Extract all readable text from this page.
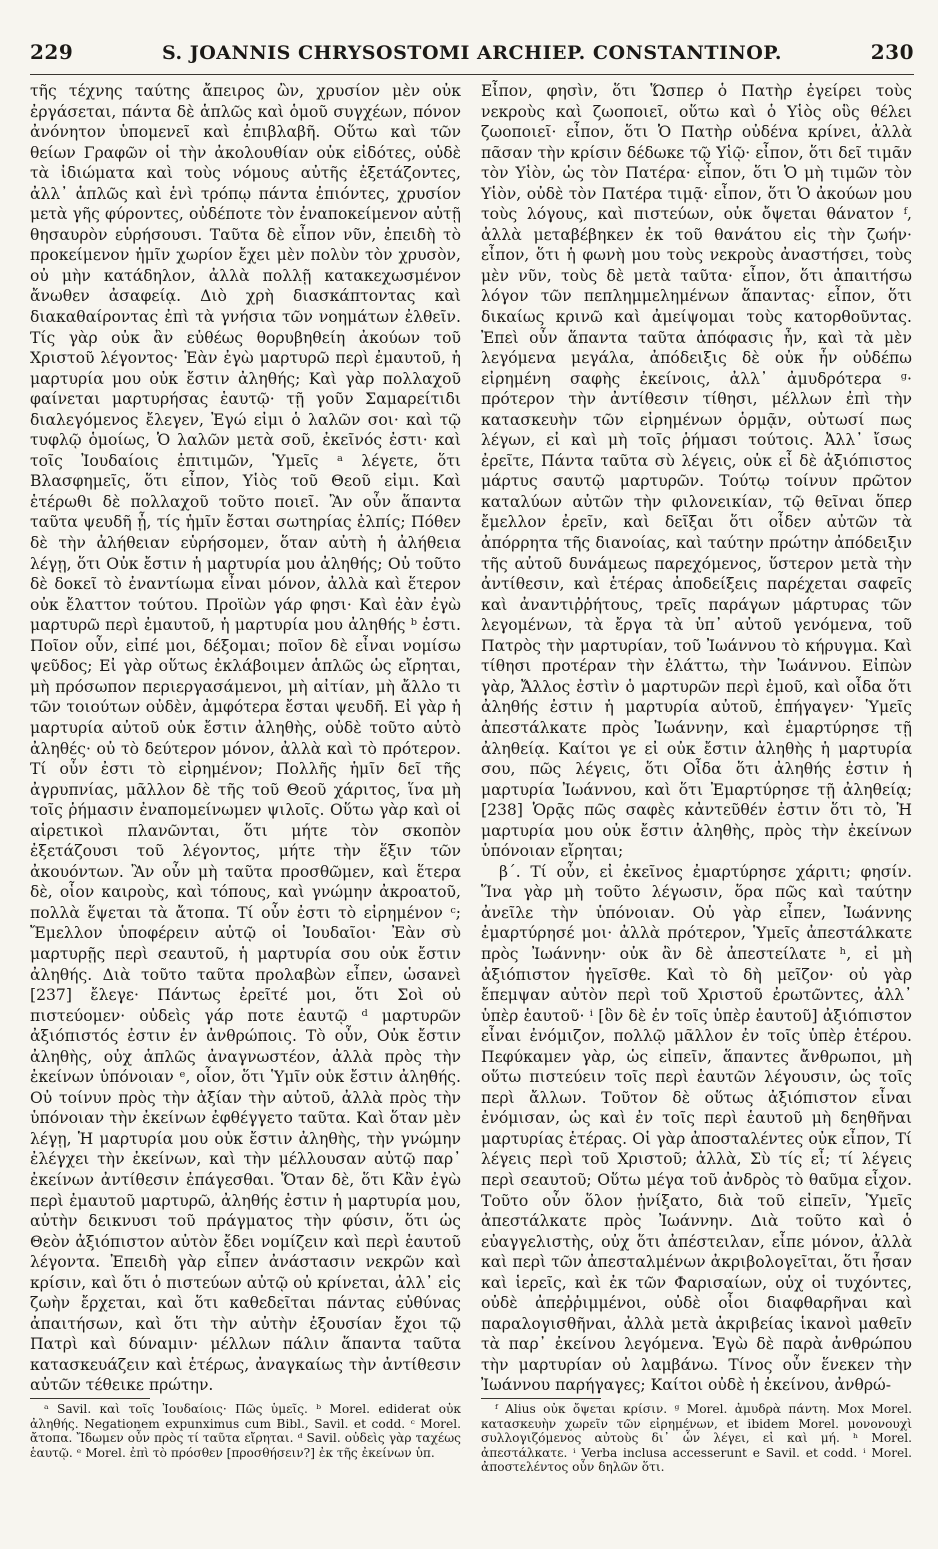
229	S. JOANNIS CHRYSOSTOMI ARCHIEP. CONSTANTINOP.	230

τῆς τέχνης ταύτης ἄπειρος ὢν, χρυσίον μὲν οὐκ ἐργάσεται, πάντα δὲ ἁπλῶς καὶ ὁμοῦ συγχέων, πόνον ἀνόνητον ὑπομενεῖ καὶ ἐπιβλαβῆ. Οὕτω καὶ τῶν θείων Γραφῶν οἱ τὴν ἀκολουθίαν οὐκ εἰδότες, οὐδὲ τὰ ἰδιώματα καὶ τοὺς νόμους αὐτῆς ἐξετάζοντες, ἀλλ᾽ ἁπλῶς καὶ ἑνὶ τρόπῳ πάντα ἐπιόντες, χρυσίον μετὰ γῆς φύροντες, οὐδέποτε τὸν ἐναποκείμενον αὐτῇ θησαυρὸν εὑρήσουσι. Ταῦτα δὲ εἶπον νῦν, ἐπειδὴ τὸ προκείμενον ἡμῖν χωρίον ἔχει μὲν πολὺν τὸν χρυσὸν, οὐ μὴν κατάδηλον, ἀλλὰ πολλῇ κατακεχωσμένον ἄνωθεν ἀσαφείᾳ. Διὸ χρὴ διασκάπτοντας καὶ διακαθαίροντας ἐπὶ τὰ γνήσια τῶν νοημάτων ἐλθεῖν. Τίς γὰρ οὐκ ἂν εὐθέως θορυβηθείη ἀκούων τοῦ Χριστοῦ λέγοντος· Ἐὰν ἐγὼ μαρτυρῶ περὶ ἐμαυτοῦ, ἡ μαρτυρία μου οὐκ ἔστιν ἀληθής; Καὶ γὰρ πολλαχοῦ φαίνεται μαρτυρήσας ἑαυτῷ· τῇ γοῦν Σαμαρείτιδι διαλεγόμενος ἔλεγεν, Ἐγώ εἰμι ὁ λαλῶν σοι· καὶ τῷ τυφλῷ ὁμοίως, Ὁ λαλῶν μετὰ σοῦ, ἐκεῖνός ἐστι· καὶ τοῖς Ἰουδαίοις ἐπιτιμῶν, Ὑμεῖς ᵃ λέγετε, ὅτι Βλασφημεῖς, ὅτι εἶπον, Υἱὸς τοῦ Θεοῦ εἰμι. Καὶ ἑτέρωθι δὲ πολλαχοῦ τοῦτο ποιεῖ. Ἂν οὖν ἅπαντα ταῦτα ψευδῆ ᾖ, τίς ἡμῖν ἔσται σωτηρίας ἐλπίς; Πόθεν δὲ τὴν ἀλήθειαν εὑρήσομεν, ὅταν αὐτὴ ἡ ἀλήθεια λέγῃ, ὅτι Οὐκ ἔστιν ἡ μαρτυρία μου ἀληθής; Οὐ τοῦτο δὲ δοκεῖ τὸ ἐναντίωμα εἶναι μόνον, ἀλλὰ καὶ ἕτερον οὐκ ἔλαττον τούτου. Προϊὼν γάρ φησι· Καὶ ἐὰν ἐγὼ μαρτυρῶ περὶ ἐμαυτοῦ, ἡ μαρτυρία μου ἀληθής ᵇ ἐστι. Ποῖον οὖν, εἰπέ μοι, δέξομαι; ποῖον δὲ εἶναι νομίσω ψεῦδος; Εἰ γὰρ οὕτως ἐκλάβοιμεν ἁπλῶς ὡς εἴρηται, μὴ πρόσωπον περιεργασάμενοι, μὴ αἰτίαν, μὴ ἄλλο τι τῶν τοιούτων οὐδὲν, ἀμφότερα ἔσται ψευδῆ. Εἰ γὰρ ἡ μαρτυρία αὐτοῦ οὐκ ἔστιν ἀληθὴς, οὐδὲ τοῦτο αὐτὸ ἀληθές· οὐ τὸ δεύτερον μόνον, ἀλλὰ καὶ τὸ πρότερον. Τί οὖν ἐστι τὸ εἰρημένον; Πολλῆς ἡμῖν δεῖ τῆς ἀγρυπνίας, μᾶλλον δὲ τῆς τοῦ Θεοῦ χάριτος, ἵνα μὴ τοῖς ῥήμασιν ἐναπομείνωμεν ψιλοῖς. Οὕτω γὰρ καὶ οἱ αἱρετικοὶ πλανῶνται, ὅτι μήτε τὸν σκοπὸν ἐξετάζουσι τοῦ λέγοντος, μήτε τὴν ἕξιν τῶν ἀκουόντων. Ἂν οὖν μὴ ταῦτα προσθῶμεν, καὶ ἕτερα δὲ, οἷον καιροὺς, καὶ τόπους, καὶ γνώμην ἀκροατοῦ, πολλὰ ἕψεται τὰ ἄτοπα. Τί οὖν ἐστι τὸ εἰρημένον ᶜ; Ἔμελλον ὑποφέρειν αὐτῷ οἱ Ἰουδαῖοι· Ἐὰν σὺ μαρτυρῇς περὶ σεαυτοῦ, ἡ μαρτυρία σου οὐκ ἔστιν ἀληθής. Διὰ τοῦτο ταῦτα προλαβὼν εἶπεν, ὡσανεὶ [237] ἔλεγε· Πάντως ἐρεῖτέ μοι, ὅτι Σοὶ οὐ πιστεύομεν· οὐδεὶς γάρ ποτε ἑαυτῷ ᵈ μαρτυρῶν ἀξιόπιστός ἐστιν ἐν ἀνθρώποις. Τὸ οὖν, Οὐκ ἔστιν ἀληθὴς, οὐχ ἁπλῶς ἀναγνωστέον, ἀλλὰ πρὸς τὴν ἐκείνων ὑπόνοιαν ᵉ, οἷον, ὅτι Ὑμῖν οὐκ ἔστιν ἀληθής. Οὐ τοίνυν πρὸς τὴν ἀξίαν τὴν αὐτοῦ, ἀλλὰ πρὸς τὴν ὑπόνοιαν τὴν ἐκείνων ἐφθέγγετο ταῦτα. Καὶ ὅταν μὲν λέγῃ, Ἡ μαρτυρία μου οὐκ ἔστιν ἀληθὴς, τὴν γνώμην ἐλέγχει τὴν ἐκείνων, καὶ τὴν μέλλουσαν αὐτῷ παρ᾽ ἐκείνων ἀντίθεσιν ἐπάγεσθαι. Ὅταν δὲ, ὅτι Κἂν ἐγὼ περὶ ἐμαυτοῦ μαρτυρῶ, ἀληθής ἐστιν ἡ μαρτυρία μου, αὐτὴν δεικνυσι τοῦ πράγματος τὴν φύσιν, ὅτι ὡς Θεὸν ἀξιόπιστον αὐτὸν ἔδει νομίζειν καὶ περὶ ἑαυτοῦ λέγοντα. Ἐπειδὴ γὰρ εἶπεν ἀνάστασιν νεκρῶν καὶ κρίσιν, καὶ ὅτι ὁ πιστεύων αὐτῷ οὐ κρίνεται, ἀλλ᾽ εἰς ζωὴν ἔρχεται, καὶ ὅτι καθεδεῖται πάντας εὐθύνας ἀπαιτήσων, καὶ ὅτι τὴν αὐτὴν ἐξουσίαν ἔχοι τῷ Πατρὶ καὶ δύναμιν· μέλλων πάλιν ἅπαντα ταῦτα κατασκευάζειν καὶ ἑτέρως, ἀναγκαίως τὴν ἀντίθεσιν αὐτῶν τέθεικε πρώτην.

ᵃ Savil. καὶ τοῖς Ἰουδαίοις· Πῶς ὑμεῖς. ᵇ Morel. ediderat οὐκ ἀληθής. Negationem expunximus cum Bibl., Savil. et codd. ᶜ Morel. ἄτοπα. Ἴδωμεν οὖν πρὸς τί ταῦτα εἴρηται. ᵈ Savil. οὐδεὶς γὰρ ταχέως ἑαυτῷ. ᵉ Morel. ἐπὶ τὸ πρόσθεν [προσθήσειν?] ἐκ τῆς ἐκείνων ὑπ.

Εἶπον, φησὶν, ὅτι Ὥσπερ ὁ Πατὴρ ἐγείρει τοὺς νεκροὺς καὶ ζωοποιεῖ, οὕτω καὶ ὁ Υἱὸς οὓς θέλει ζωοποιεῖ· εἶπον, ὅτι Ὁ Πατὴρ οὐδένα κρίνει, ἀλλὰ πᾶσαν τὴν κρίσιν δέδωκε τῷ Υἱῷ· εἶπον, ὅτι δεῖ τιμᾶν τὸν Υἱὸν, ὡς τὸν Πατέρα· εἶπον, ὅτι Ὁ μὴ τιμῶν τὸν Υἱὸν, οὐδὲ τὸν Πατέρα τιμᾷ· εἶπον, ὅτι Ὁ ἀκούων μου τοὺς λόγους, καὶ πιστεύων, οὐκ ὄψεται θάνατον ᶠ, ἀλλὰ μεταβέβηκεν ἐκ τοῦ θανάτου εἰς τὴν ζωήν· εἶπον, ὅτι ἡ φωνὴ μου τοὺς νεκροὺς ἀναστήσει, τοὺς μὲν νῦν, τοὺς δὲ μετὰ ταῦτα· εἶπον, ὅτι ἀπαιτήσω λόγον τῶν πεπλημμελημένων ἅπαντας· εἶπον, ὅτι δικαίως κρινῶ καὶ ἀμείψομαι τοὺς κατορθοῦντας. Ἐπεὶ οὖν ἅπαντα ταῦτα ἀπόφασις ἦν, καὶ τὰ μὲν λεγόμενα μεγάλα, ἀπόδειξις δὲ οὐκ ἦν οὐδέπω εἰρημένη σαφὴς ἐκείνοις, ἀλλ᾽ ἀμυδρότερα ᵍ· πρότερον τὴν ἀντίθεσιν τίθησι, μέλλων ἐπὶ τὴν κατασκευὴν τῶν εἰρημένων ὁρμᾷν, οὑτωσί πως λέγων, εἰ καὶ μὴ τοῖς ῥήμασι τούτοις. Ἀλλ᾽ ἴσως ἐρεῖτε, Πάντα ταῦτα σὺ λέγεις, οὐκ εἶ δὲ ἀξιόπιστος μάρτυς σαυτῷ μαρτυρῶν. Τούτῳ τοίνυν πρῶτον καταλύων αὐτῶν τὴν φιλονεικίαν, τῷ θεῖναι ὅπερ ἔμελλον ἐρεῖν, καὶ δεῖξαι ὅτι οἶδεν αὐτῶν τὰ ἀπόρρητα τῆς διανοίας, καὶ ταύτην πρώτην ἀπόδειξιν τῆς αὐτοῦ δυνάμεως παρεχόμενος, ὕστερον μετὰ τὴν ἀντίθεσιν, καὶ ἑτέρας ἀποδείξεις παρέχεται σαφεῖς καὶ ἀναντιῤῥήτους, τρεῖς παράγων μάρτυρας τῶν λεγομένων, τὰ ἔργα τὰ ὑπ᾽ αὐτοῦ γενόμενα, τοῦ Πατρὸς τὴν μαρτυρίαν, τοῦ Ἰωάννου τὸ κήρυγμα. Καὶ τίθησι προτέραν τὴν ἐλάττω, τὴν Ἰωάννου. Εἰπὼν γὰρ, Ἄλλος ἐστὶν ὁ μαρτυρῶν περὶ ἐμοῦ, καὶ οἶδα ὅτι ἀληθής ἐστιν ἡ μαρτυρία αὐτοῦ, ἐπήγαγεν· Ὑμεῖς ἀπεστάλκατε πρὸς Ἰωάννην, καὶ ἐμαρτύρησε τῇ ἀληθείᾳ. Καίτοι γε εἰ οὐκ ἔστιν ἀληθὴς ἡ μαρτυρία σου, πῶς λέγεις, ὅτι Οἶδα ὅτι ἀληθής ἐστιν ἡ μαρτυρία Ἰωάννου, καὶ ὅτι Ἐμαρτύρησε τῇ ἀληθείᾳ; [238] Ὁρᾷς πῶς σαφὲς κἀντεῦθέν ἐστιν ὅτι τὸ, Ἡ μαρτυρία μου οὐκ ἔστιν ἀληθὴς, πρὸς τὴν ἐκείνων ὑπόνοιαν εἴρηται;

β΄. Τί οὖν, εἰ ἐκεῖνος ἐμαρτύρησε χάριτι; φησίν. Ἵνα γὰρ μὴ τοῦτο λέγωσιν, ὅρα πῶς καὶ ταύτην ἀνεῖλε τὴν ὑπόνοιαν. Οὐ γὰρ εἶπεν, Ἰωάννης ἐμαρτύρησέ μοι· ἀλλὰ πρότερον, Ὑμεῖς ἀπεστάλκατε πρὸς Ἰωάννην· οὐκ ἂν δὲ ἀπεστείλατε ʰ, εἰ μὴ ἀξιόπιστον ἡγεῖσθε. Καὶ τὸ δὴ μεῖζον· οὐ γὰρ ἔπεμψαν αὐτὸν περὶ τοῦ Χριστοῦ ἐρωτῶντες, ἀλλ᾽ ὑπὲρ ἑαυτοῦ· ⁱ [ὃν δὲ ἐν τοῖς ὑπὲρ ἑαυτοῦ] ἀξιόπιστον εἶναι ἐνόμιζον, πολλῷ μᾶλλον ἐν τοῖς ὑπὲρ ἑτέρου. Πεφύκαμεν γὰρ, ὡς εἰπεῖν, ἅπαντες ἄνθρωποι, μὴ οὕτω πιστεύειν τοῖς περὶ ἑαυτῶν λέγουσιν, ὡς τοῖς περὶ ἄλλων. Τοῦτον δὲ οὕτως ἀξιόπιστον εἶναι ἐνόμισαν, ὡς καὶ ἐν τοῖς περὶ ἑαυτοῦ μὴ δεηθῆναι μαρτυρίας ἑτέρας. Οἱ γὰρ ἀποσταλέντες οὐκ εἶπον, Τί λέγεις περὶ τοῦ Χριστοῦ; ἀλλὰ, Σὺ τίς εἶ; τί λέγεις περὶ σεαυτοῦ; Οὕτω μέγα τοῦ ἀνδρὸς τὸ θαῦμα εἶχον. Τοῦτο οὖν ὅλον ᾐνίξατο, διὰ τοῦ εἰπεῖν, Ὑμεῖς ἀπεστάλκατε πρὸς Ἰωάννην. Διὰ τοῦτο καὶ ὁ εὐαγγελιστὴς, οὐχ ὅτι ἀπέστειλαν, εἶπε μόνον, ἀλλὰ καὶ περὶ τῶν ἀπεσταλμένων ἀκριβολογεῖται, ὅτι ἦσαν καὶ ἱερεῖς, καὶ ἐκ τῶν Φαρισαίων, οὐχ οἱ τυχόντες, οὐδὲ ἀπεῤῥιμμένοι, οὐδὲ οἷοι διαφθαρῆναι καὶ παραλογισθῆναι, ἀλλὰ μετὰ ἀκριβείας ἱκανοὶ μαθεῖν τὰ παρ᾽ ἐκείνου λεγόμενα. Ἐγὼ δὲ παρὰ ἀνθρώπου τὴν μαρτυρίαν οὐ λαμβάνω. Τίνος οὖν ἕνεκεν τὴν Ἰωάννου παρήγαγες; Καίτοι οὐδὲ ἡ ἐκείνου, ἀνθρώ-

ᶠ Alius οὐκ ὄψεται κρίσιν. ᵍ Morel. ἀμυδρὰ πάντη. Mox Morel. κατασκευὴν χωρεῖν τῶν εἰρημένων, et ibidem Morel. μονονουχὶ συλλογιζόμενος αὐτοὺς δι᾽ ὧν λέγει, εἰ καὶ μή. ʰ Morel. ἀπεστάλκατε. ⁱ Verba inclusa accesserunt e Savil. et codd. ⁱ Morel. ἀποστελέντος οὖν δηλῶν ὅτι.
